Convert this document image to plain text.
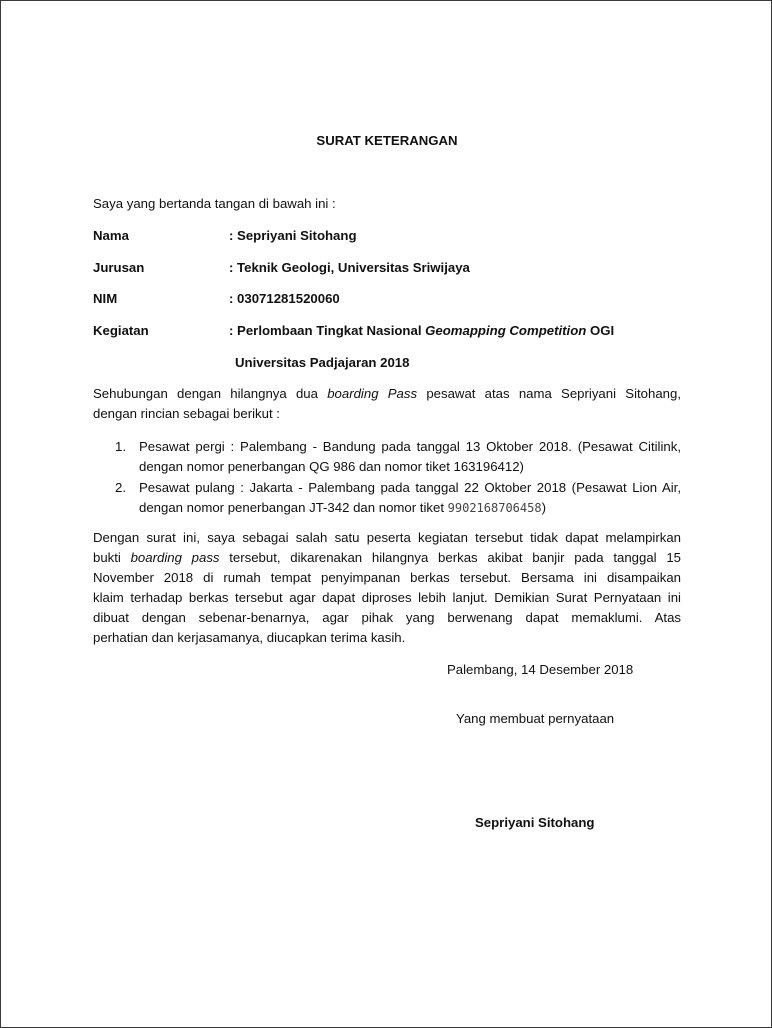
SURAT KETERANGAN
Saya yang bertanda tangan di bawah ini :
Nama	: Sepriyani Sitohang
Jurusan	: Teknik Geologi, Universitas Sriwijaya
NIM	: 03071281520060
Kegiatan	: Perlombaan Tingkat Nasional Geomapping Competition OGI
Universitas Padjajaran 2018
Sehubungan dengan hilangnya dua boarding Pass pesawat atas nama Sepriyani Sitohang,
dengan rincian sebagai berikut :
1. Pesawat pergi : Palembang - Bandung pada tanggal 13 Oktober 2018. (Pesawat Citilink,
dengan nomor penerbangan QG 986 dan nomor tiket 163196412)
2. Pesawat pulang : Jakarta - Palembang pada tanggal 22 Oktober 2018 (Pesawat Lion Air,
dengan nomor penerbangan JT-342 dan nomor tiket 9902168706458)
Dengan surat ini, saya sebagai salah satu peserta kegiatan tersebut tidak dapat melampirkan
bukti boarding pass tersebut, dikarenakan hilangnya berkas akibat banjir pada tanggal 15
November 2018 di rumah tempat penyimpanan berkas tersebut. Bersama ini disampaikan
klaim terhadap berkas tersebut agar dapat diproses lebih lanjut. Demikian Surat Pernyataan ini
dibuat dengan sebenar-benarnya, agar pihak yang berwenang dapat memaklumi. Atas
perhatian dan kerjasamanya, diucapkan terima kasih.
Palembang, 14 Desember 2018
Yang membuat pernyataan
Sepriyani Sitohang
